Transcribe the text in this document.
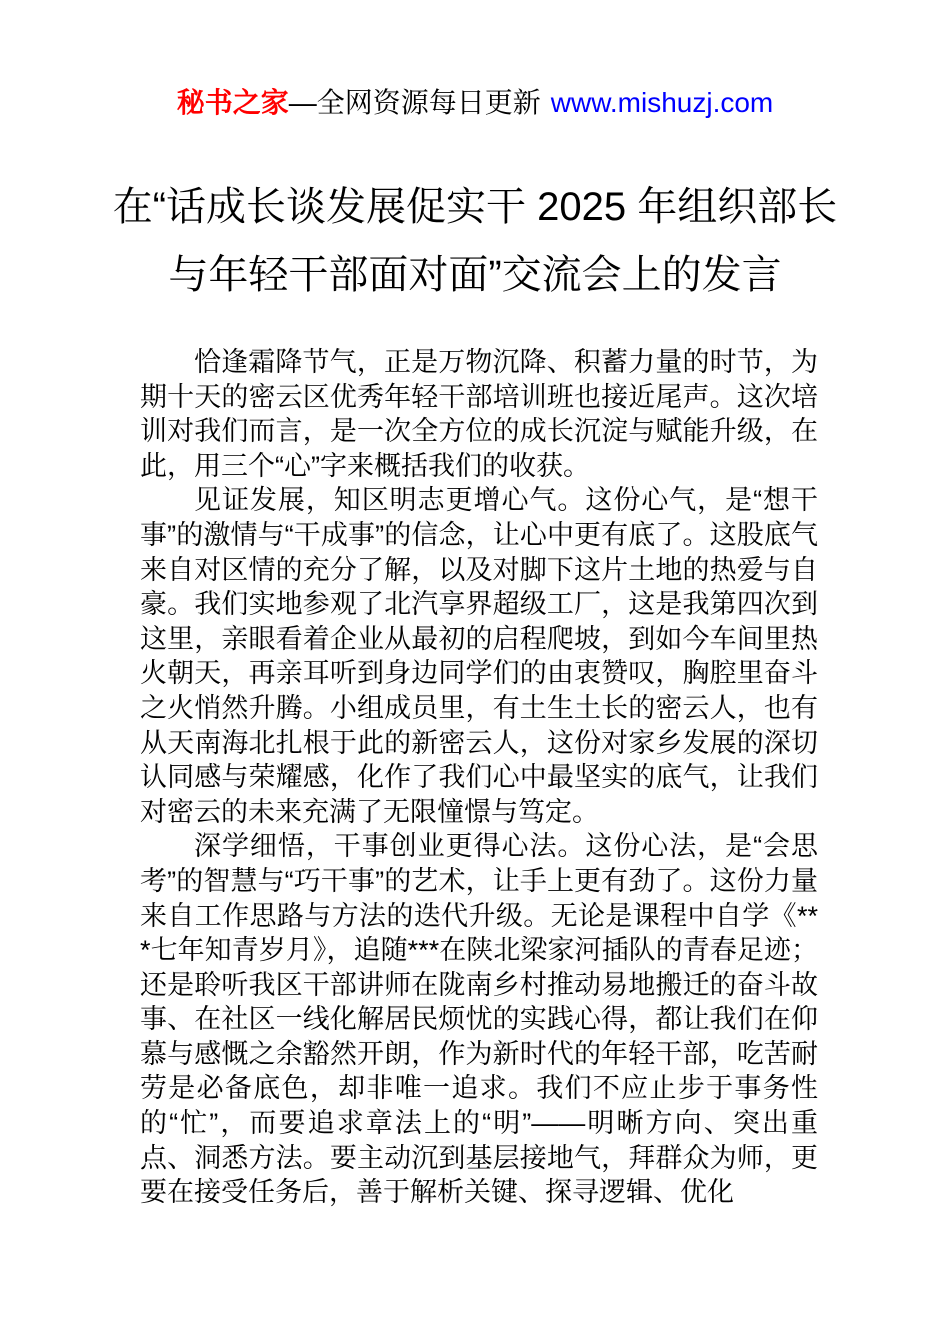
秘书之家—全网资源每日更新 www.mishuzj.com
在“话成长谈发展促实干 2025 年组织部长
与年轻干部面对面”交流会上的发言

恰逢霜降节气，正是万物沉降、积蓄力量的时节，为期十天的密云区优秀年轻干部培训班也接近尾声。这次培训对我们而言，是一次全方位的成长沉淀与赋能升级，在此，用三个“心”字来概括我们的收获。

见证发展，知区明志更增心气。这份心气，是“想干事”的激情与“干成事”的信念，让心中更有底了。这股底气来自对区情的充分了解，以及对脚下这片土地的热爱与自豪。我们实地参观了北汽享界超级工厂，这是我第四次到这里，亲眼看着企业从最初的启程爬坡，到如今车间里热火朝天，再亲耳听到身边同学们的由衷赞叹，胸腔里奋斗之火悄然升腾。小组成员里，有土生土长的密云人，也有从天南海北扎根于此的新密云人，这份对家乡发展的深切认同感与荣耀感，化作了我们心中最坚实的底气，让我们对密云的未来充满了无限憧憬与笃定。

深学细悟，干事创业更得心法。这份心法，是“会思考”的智慧与“巧干事”的艺术，让手上更有劲了。这份力量来自工作思路与方法的迭代升级。无论是课程中自学《***七年知青岁月》，追随***在陕北梁家河插队的青春足迹；还是聆听我区干部讲师在陇南乡村推动易地搬迁的奋斗故事、在社区一线化解居民烦忧的实践心得，都让我们在仰慕与感慨之余豁然开朗，作为新时代的年轻干部，吃苦耐劳是必备底色，却非唯一追求。我们不应止步于事务性的“忙”，而要追求章法上的“明”——明晰方向、突出重点、洞悉方法。要主动沉到基层接地气，拜群众为师，更要在接受任务后，善于解析关键、探寻逻辑、优化
